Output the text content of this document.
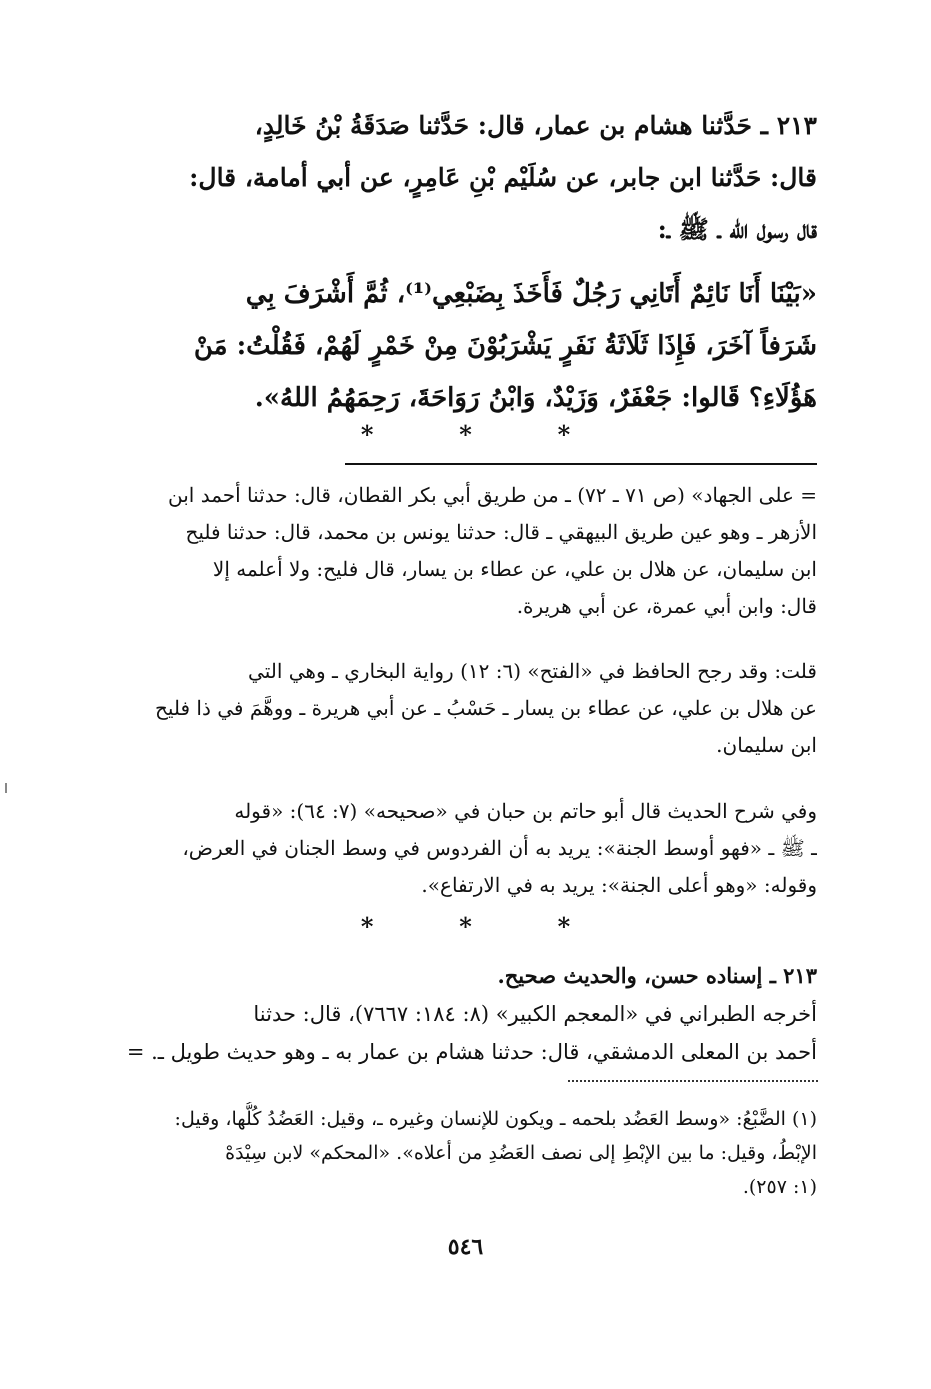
٢١٣ ـ حَدَّثنا هشام بن عمار، قال: حَدَّثنا صَدَقَةُ بْنُ خَالِدٍ،
قال: حَدَّثنا ابن جابر، عن سُلَيْم بْنِ عَامِرٍ، عن أبي أمامة، قال:
قال رسول الله ـ ﷺ ـ:
«بَيْنَا أَنَا نَائِمٌ أَتَانِي رَجُلٌ فَأَخَذَ بِضَبْعِي⁽¹⁾، ثُمَّ أَشْرَفَ بِي
شَرَفاً آخَرَ، فَإِذَا ثَلَاثَةُ نَفَرٍ يَشْرَبُوْنَ مِنْ خَمْرٍ لَهُمْ، فَقُلْتُ: مَنْ
هَؤُلَاءِ؟ قَالوا: جَعْفَرٌ، وَزَيْدٌ، وَابْنُ رَوَاحَةَ، رَحِمَهُمُ اللهُ».
*	*	*
= على الجهاد» (ص ٧١ ـ ٧٢) ـ من طريق أبي بكر القطان، قال: حدثنا أحمد ابن
الأزهر ـ وهو عين طريق البيهقي ـ قال: حدثنا يونس بن محمد، قال: حدثنا فليح
ابن سليمان، عن هلال بن علي، عن عطاء بن يسار، قال فليح: ولا أعلمه إلا
قال: وابن أبي عمرة، عن أبي هريرة.
قلت: وقد رجح الحافظ في «الفتح» (٦: ١٢) رواية البخاري ـ وهي التي
عن هلال بن علي، عن عطاء بن يسار ـ حَسْبُ ـ عن أبي هريرة ـ ووهَّمَ في ذا فليح
ابن سليمان.
وفي شرح الحديث قال أبو حاتم بن حبان في «صحيحه» (٧: ٦٤): «قوله
ـ ﷺ ـ «فهو أوسط الجنة»: يريد به أن الفردوس في وسط الجنان في العرض،
وقوله: «وهو أعلى الجنة»: يريد به في الارتفاع».
*	*	*
٢١٣ ـ إسناده حسن، والحديث صحيح.
أخرجه الطبراني في «المعجم الكبير» (٨: ١٨٤: ٧٦٦٧)، قال: حدثنا
أحمد بن المعلى الدمشقي، قال: حدثنا هشام بن عمار به ـ وهو حديث طويل ـ. =
(١) الضَّبْعُ: «وسط العَضُد بلحمه ـ ويكون للإنسان وغيره ـ، وقيل: العَضُدُ كُلُّها، وقيل:
الإبْطُ، وقيل: ما بين الإبْطِ إلى نصف العَضُدِ من أعلاه». «المحكم» لابن سِيْدَهْ
(١: ٢٥٧).
٥٤٦
